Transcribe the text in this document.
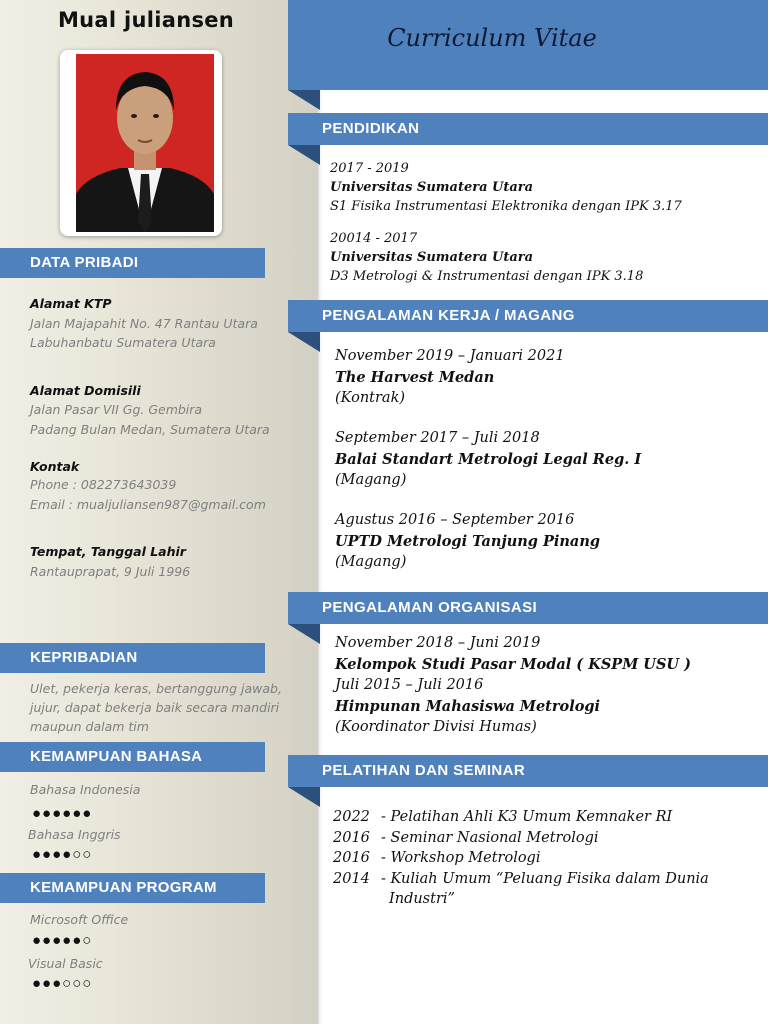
Mual juliansen
DATA PRIBADI
Alamat KTP
Jalan Majapahit No. 47 Rantau Utara
Labuhanbatu Sumatera Utara
Alamat Domisili
Jalan Pasar VII Gg. Gembira
Padang Bulan Medan, Sumatera Utara
Kontak
Phone : 082273643039
Email : mualjuliansen987@gmail.com
Tempat, Tanggal Lahir
Rantauprapat, 9 Juli 1996
KEPRIBADIAN
Ulet, pekerja keras, bertanggung jawab,
jujur, dapat bekerja baik secara mandiri
maupun dalam tim
KEMAMPUAN BAHASA
Bahasa Indonesia
●●●●●●
Bahasa Inggris
●●●●○○
KEMAMPUAN PROGRAM
Microsoft Office
●●●●●○
Visual Basic
●●●○○○
Curriculum Vitae
PENDIDIKAN
2017 - 2019
Universitas Sumatera Utara
S1 Fisika Instrumentasi Elektronika dengan IPK 3.17
20014 - 2017
Universitas Sumatera Utara
D3 Metrologi & Instrumentasi dengan IPK 3.18
PENGALAMAN KERJA / MAGANG
November 2019 – Januari 2021
The Harvest Medan
(Kontrak)
September 2017 – Juli 2018
Balai Standart Metrologi Legal Reg. I
(Magang)
Agustus 2016 – September 2016
UPTD Metrologi Tanjung Pinang
(Magang)
PENGALAMAN ORGANISASI
November 2018 – Juni 2019
Kelompok Studi Pasar Modal ( KSPM USU )
Juli 2015 – Juli 2016
Himpunan Mahasiswa Metrologi
(Koordinator Divisi Humas)
PELATIHAN DAN SEMINAR
2022 - Pelatihan Ahli K3 Umum Kemnaker RI
2016 - Seminar Nasional Metrologi
2016 - Workshop Metrologi
2014 - Kuliah Umum “Peluang Fisika dalam Dunia
Industri”
